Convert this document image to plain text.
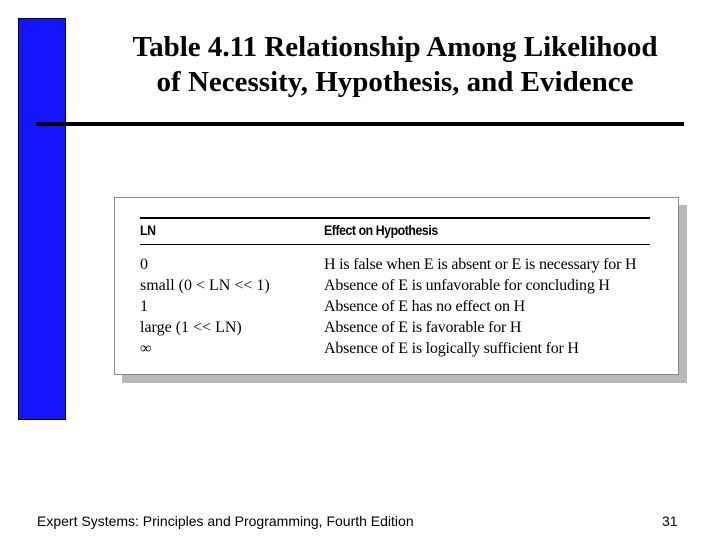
Table 4.11 Relationship Among Likelihood
of Necessity, Hypothesis, and Evidence
LN	Effect on Hypothesis
0	H is false when E is absent or E is necessary for H
small (0 < LN << 1)	Absence of E is unfavorable for concluding H
1	Absence of E has no effect on H
large (1 << LN)	Absence of E is favorable for H
∞	Absence of E is logically sufficient for H
Expert Systems: Principles and Programming, Fourth Edition	31
